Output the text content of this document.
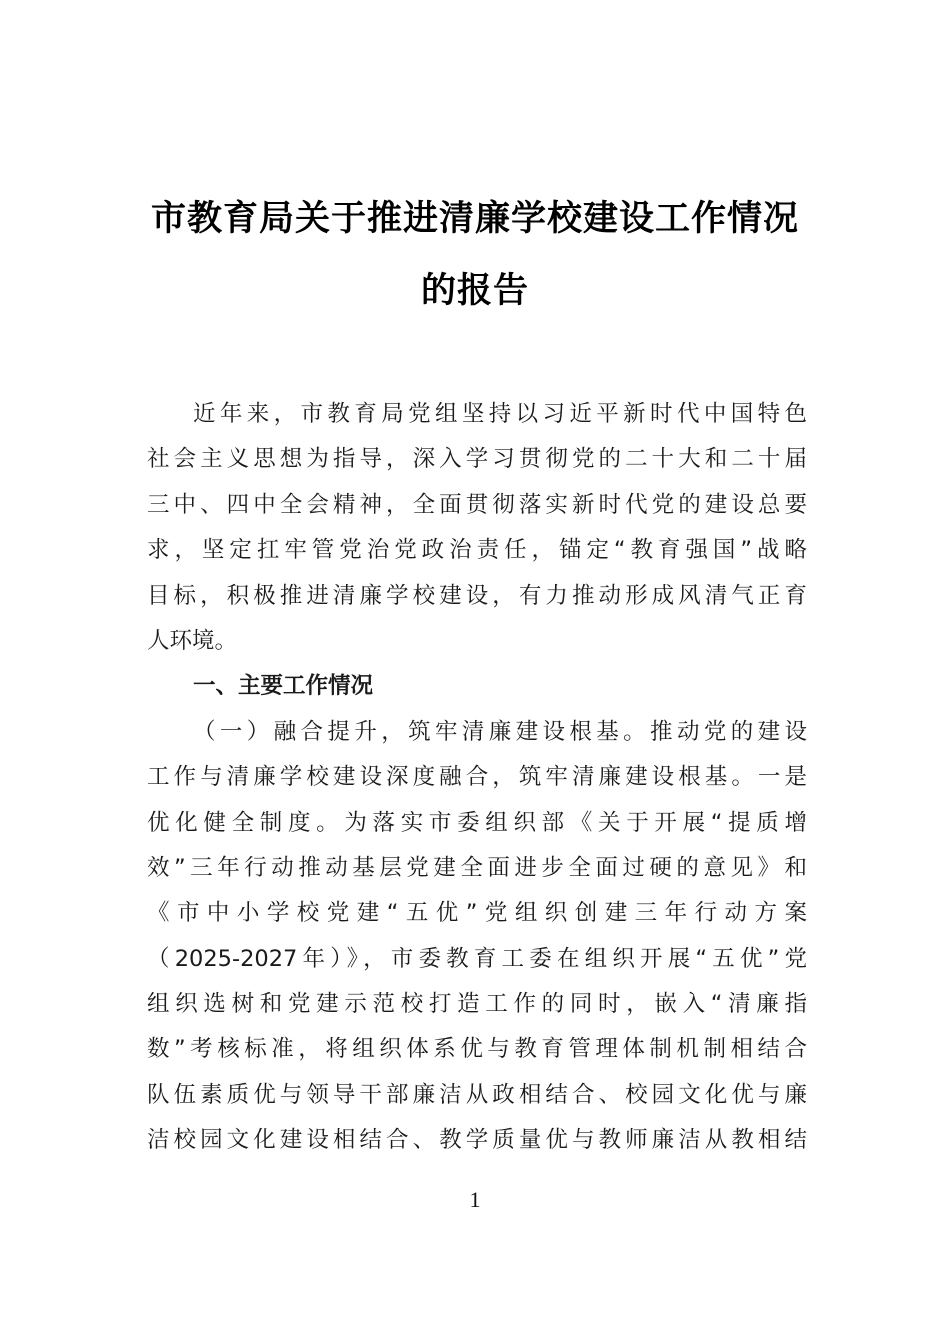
市教育局关于推进清廉学校建设工作情况
的报告
近年来，市教育局党组坚持以习近平新时代中国特色
社会主义思想为指导，深入学习贯彻党的二十大和二十届
三中、四中全会精神，全面贯彻落实新时代党的建设总要
求，坚定扛牢管党治党政治责任，锚定“教育强国”战略
目标，积极推进清廉学校建设，有力推动形成风清气正育
人环境。
一、主要工作情况
（一）融合提升，筑牢清廉建设根基。推动党的建设
工作与清廉学校建设深度融合，筑牢清廉建设根基。一是
优化健全制度。为落实市委组织部《关于开展“提质增
效”三年行动推动基层党建全面进步全面过硬的意见》和
《市中小学校党建“五优”党组织创建三年行动方案
（2025-2027年）》，市委教育工委在组织开展“五优”党
组织选树和党建示范校打造工作的同时，嵌入“清廉指
数”考核标准，将组织体系优与教育管理体制机制相结合
队伍素质优与领导干部廉洁从政相结合、校园文化优与廉
洁校园文化建设相结合、教学质量优与教师廉洁从教相结
1
